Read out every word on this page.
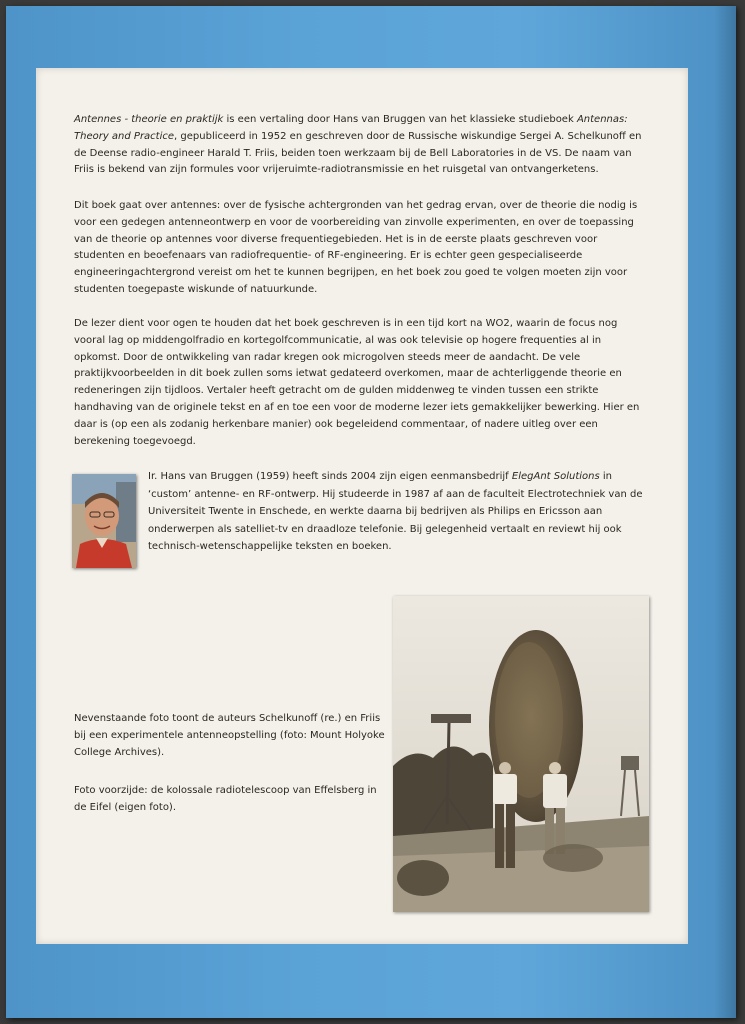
Antennes - theorie en praktijk is een vertaling door Hans van Bruggen van het klassieke studieboek Antennas: Theory and Practice, gepubliceerd in 1952 en geschreven door de Russische wiskundige Sergei A. Schelkunoff en de Deense radio-engineer Harald T. Friis, beiden toen werkzaam bij de Bell Laboratories in de VS. De naam van Friis is bekend van zijn formules voor vrijeruimte-radiotransmissie en het ruisgetal van ontvangerketens.

Dit boek gaat over antennes: over de fysische achtergronden van het gedrag ervan, over de theorie die nodig is voor een gedegen antenneontwerp en voor de voorbereiding van zinvolle experimenten, en over de toepassing van de theorie op antennes voor diverse frequentiegebieden. Het is in de eerste plaats geschreven voor studenten en beoefenaars van radiofrequentie- of RF-engineering. Er is echter geen gespecialiseerde engineeringachtergrond vereist om het te kunnen begrijpen, en het boek zou goed te volgen moeten zijn voor studenten toegepaste wiskunde of natuurkunde.

De lezer dient voor ogen te houden dat het boek geschreven is in een tijd kort na WO2, waarin de focus nog vooral lag op middengolfradio en kortegolfcommunicatie, al was ook televisie op hogere frequenties al in opkomst. Door de ontwikkeling van radar kregen ook microgolven steeds meer de aandacht. De vele praktijkvoorbeelden in dit boek zullen soms ietwat gedateerd overkomen, maar de achterliggende theorie en redeneringen zijn tijdloos. Vertaler heeft getracht om de gulden middenweg te vinden tussen een strikte handhaving van de originele tekst en af en toe een voor de moderne lezer iets gemakkelijker bewerking. Hier en daar is (op een als zodanig herkenbare manier) ook begeleidend commentaar, of nadere uitleg over een berekening toegevoegd.

Ir. Hans van Bruggen (1959) heeft sinds 2004 zijn eigen eenmansbedrijf ElegAnt Solutions in ‘custom’ antenne- en RF-ontwerp. Hij studeerde in 1987 af aan de faculteit Electrotechniek van de Universiteit Twente in Enschede, en werkte daarna bij bedrijven als Philips en Ericsson aan onderwerpen als satelliet-tv en draadloze telefonie. Bij gelegenheid vertaalt en reviewt hij ook technisch-wetenschappelijke teksten en boeken.

Nevenstaande foto toont de auteurs Schelkunoff (re.) en Friis bij een experimentele antenneopstelling (foto: Mount Holyoke College Archives).

Foto voorzijde: de kolossale radiotelescoop van Effelsberg in de Eifel (eigen foto).
